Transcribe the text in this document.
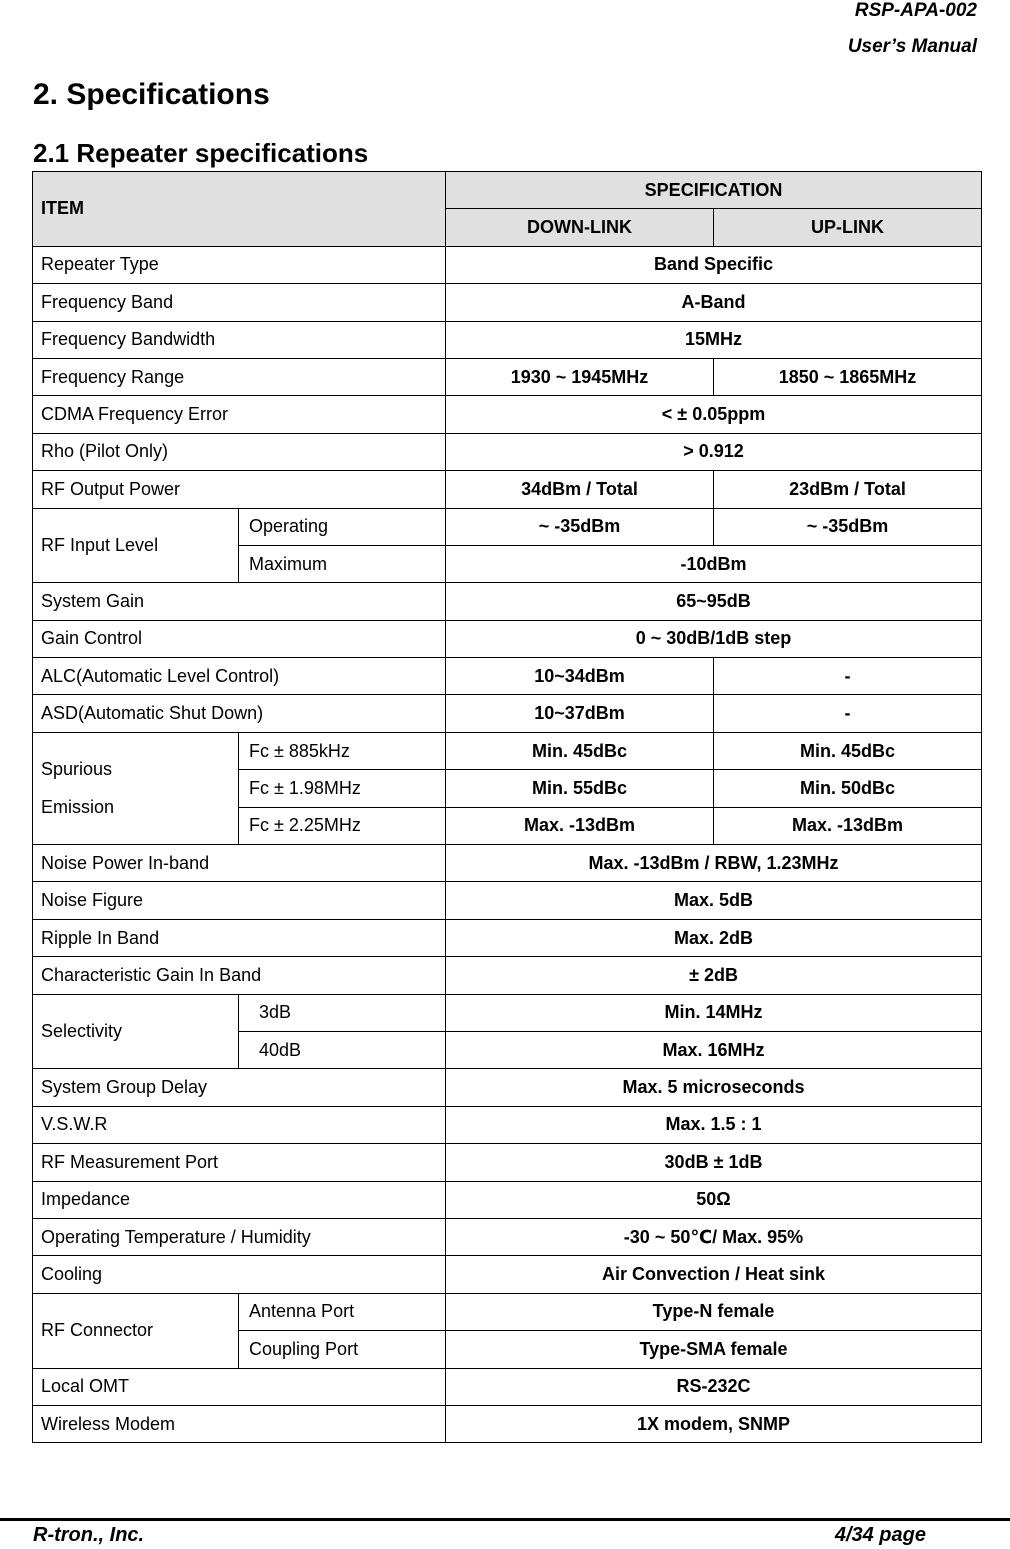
RSP-APA-002
User’s Manual
2. Specifications
2.1 Repeater specifications
ITEM		SPECIFICATION	
		DOWN-LINK	UP-LINK
Repeater Type		Band Specific	
Frequency Band		A-Band	
Frequency Bandwidth		15MHz	
Frequency Range		1930 ~ 1945MHz	1850 ~ 1865MHz
CDMA Frequency Error		< ± 0.05ppm	
Rho (Pilot Only)		> 0.912	
RF Output Power		34dBm / Total	23dBm / Total
RF Input Level	Operating	~ -35dBm	~ -35dBm
	Maximum	-10dBm	
System Gain		65~95dB	
Gain Control		0 ~ 30dB/1dB step	
ALC(Automatic Level Control)		10~34dBm	-
ASD(Automatic Shut Down)		10~37dBm	-
Spurious
Emission	Fc ± 885kHz	Min. 45dBc	Min. 45dBc
	Fc ± 1.98MHz	Min. 55dBc	Min. 50dBc
	Fc ± 2.25MHz	Max. -13dBm	Max. -13dBm
Noise Power In-band		Max. -13dBm / RBW, 1.23MHz	
Noise Figure		Max. 5dB	
Ripple In Band		Max. 2dB	
Characteristic Gain In Band		± 2dB	
Selectivity	3dB	Min. 14MHz	
	40dB	Max. 16MHz	
System Group Delay		Max. 5 microseconds	
V.S.W.R		Max. 1.5 : 1	
RF Measurement Port		30dB ± 1dB	
Impedance		50Ω	
Operating Temperature / Humidity		-30 ~ 50℃/ Max. 95%	
Cooling		Air Convection / Heat sink	
RF Connector	Antenna Port	Type-N female	
	Coupling Port	Type-SMA female	
Local OMT		RS-232C	
Wireless Modem		1X modem, SNMP	
R-tron., Inc.	4/34 page
